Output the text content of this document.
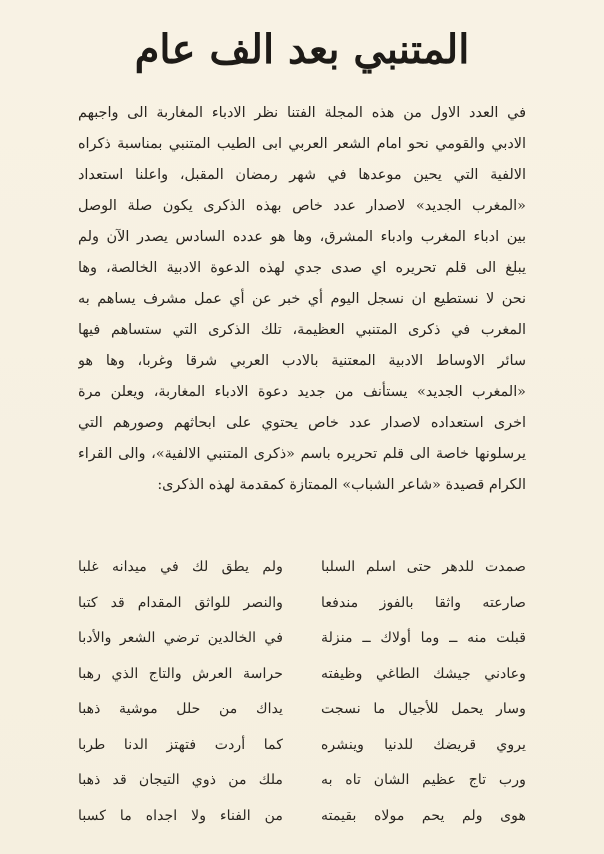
المتنبي بعد الف عام
في العدد الاول من هذه المجلة الفتنا نظر الادباء المغاربة الى واجبهم
الادبي والقومي نحو امام الشعر العربي ابى الطيب المتنبي بمناسبة ذكراه
الالفية التي يحين موعدها في شهر رمضان المقبل، واعلنا استعداد
«المغرب الجديد» لاصدار عدد خاص بهذه الذكرى يكون صلة الوصل
بين ادباء المغرب وادباء المشرق، وها هو عدده السادس يصدر الآن ولم
يبلغ الى قلم تحريره اي صدى جدي لهذه الدعوة الادبية الخالصة، وها
نحن لا نستطيع ان نسجل اليوم أي خبر عن أي عمل مشرف يساهم به
المغرب في ذكرى المتنبي العظيمة، تلك الذكرى التي ستساهم فيها
سائر الاوساط الادبية المعتنية بالادب العربي شرقا وغربا، وها هو
«المغرب الجديد» يستأنف من جديد دعوة الادباء المغاربة، ويعلن مرة
اخرى استعداده لاصدار عدد خاص يحتوي على ابحاثهم وصورهم التي
يرسلونها خاصة الى قلم تحريره باسم «ذكرى المتنبي الالفية»، والى القراء
الكرام قصيدة «شاعر الشباب» الممتازة كمقدمة لهذه الذكرى:
صمدت للدهر حتى اسلم السلبا
ولم يطق لك في ميدانه غلبا
صارعته واثقا بالفوز مندفعا
والنصر للواثق المقدام قد كتبا
قبلت منه ــ وما أولاك ــ منزلة
في الخالدين ترضي الشعر والأدبا
وعادني جيشك الطاغي وظيفته
حراسة العرش والتاج الذي رهبا
وسار يحمل للأجيال ما نسجت
يداك من حلل موشية ذهبا
يروي قريضك للدنيا وينشره
كما أردت فتهتز الدنا طربا
ورب تاج عظيم الشان تاه به
ملك من ذوي التيجان قد ذهبا
هوى ولم يحم مولاه بقيمته
من الفناء ولا اجداه ما كسبا
